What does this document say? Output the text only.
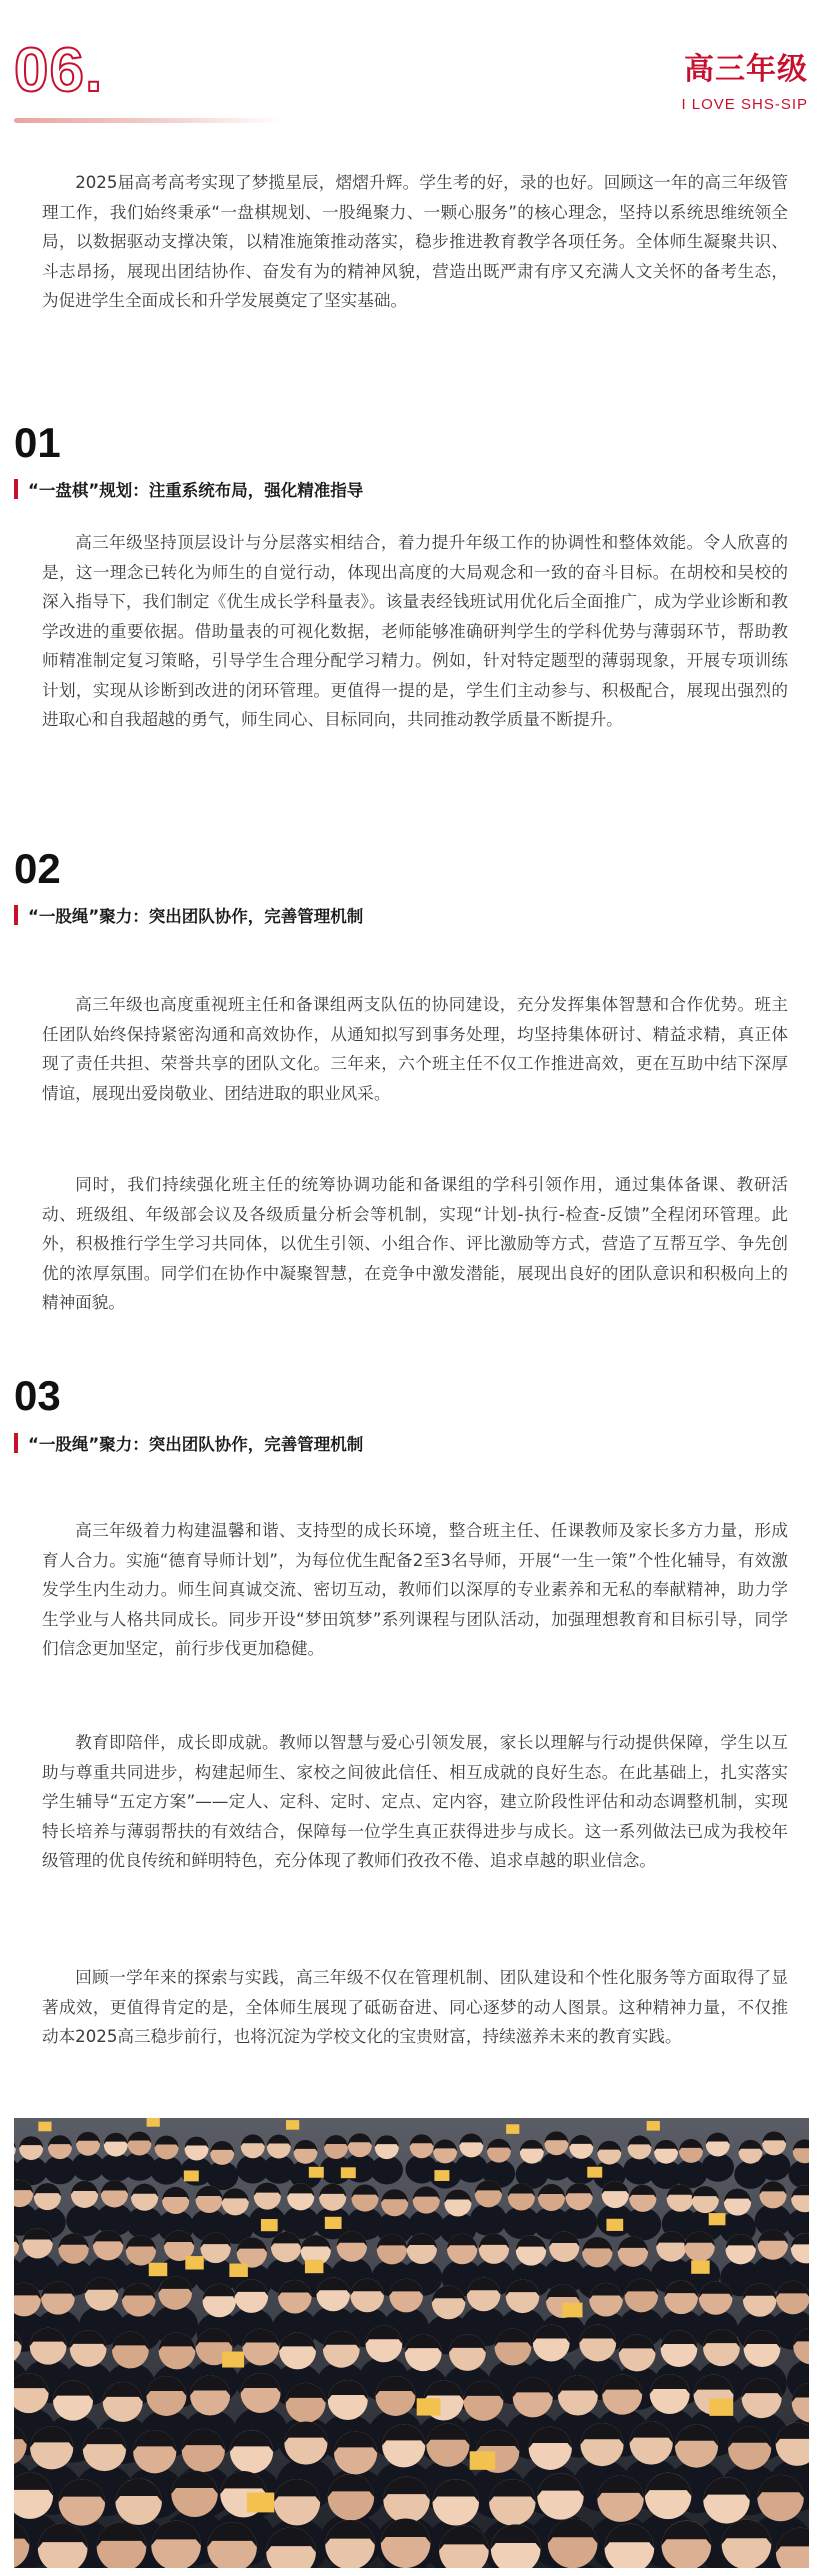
06.	高三年级
I LOVE SHS-SIP

2025届高考高考实现了梦揽星辰，熠熠升辉。学生考的好，录的也好。回顾这一年的高三年级管理工作，我们始终秉承“一盘棋规划、一股绳聚力、一颗心服务”的核心理念，坚持以系统思维统领全局，以数据驱动支撑决策，以精准施策推动落实，稳步推进教育教学各项任务。全体师生凝聚共识、斗志昂扬，展现出团结协作、奋发有为的精神风貌，营造出既严肃有序又充满人文关怀的备考生态，为促进学生全面成长和升学发展奠定了坚实基础。

01
“一盘棋”规划：注重系统布局，强化精准指导

高三年级坚持顶层设计与分层落实相结合，着力提升年级工作的协调性和整体效能。令人欣喜的是，这一理念已转化为师生的自觉行动，体现出高度的大局观念和一致的奋斗目标。在胡校和吴校的深入指导下，我们制定《优生成长学科量表》。该量表经钱班试用优化后全面推广，成为学业诊断和教学改进的重要依据。借助量表的可视化数据，老师能够准确研判学生的学科优势与薄弱环节，帮助教师精准制定复习策略，引导学生合理分配学习精力。例如，针对特定题型的薄弱现象，开展专项训练计划，实现从诊断到改进的闭环管理。更值得一提的是，学生们主动参与、积极配合，展现出强烈的进取心和自我超越的勇气，师生同心、目标同向，共同推动教学质量不断提升。

02
“一股绳”聚力：突出团队协作，完善管理机制

高三年级也高度重视班主任和备课组两支队伍的协同建设，充分发挥集体智慧和合作优势。班主任团队始终保持紧密沟通和高效协作，从通知拟写到事务处理，均坚持集体研讨、精益求精，真正体现了责任共担、荣誉共享的团队文化。三年来，六个班主任不仅工作推进高效，更在互助中结下深厚情谊，展现出爱岗敬业、团结进取的职业风采。

同时，我们持续强化班主任的统筹协调功能和备课组的学科引领作用，通过集体备课、教研活动、班级组、年级部会议及各级质量分析会等机制，实现“计划-执行-检查-反馈”全程闭环管理。此外，积极推行学生学习共同体，以优生引领、小组合作、评比激励等方式，营造了互帮互学、争先创优的浓厚氛围。同学们在协作中凝聚智慧，在竞争中激发潜能，展现出良好的团队意识和积极向上的精神面貌。

03
“一股绳”聚力：突出团队协作，完善管理机制

高三年级着力构建温馨和谐、支持型的成长环境，整合班主任、任课教师及家长多方力量，形成育人合力。实施“德育导师计划”，为每位优生配备2至3名导师，开展“一生一策”个性化辅导，有效激发学生内生动力。师生间真诚交流、密切互动，教师们以深厚的专业素养和无私的奉献精神，助力学生学业与人格共同成长。同步开设“梦田筑梦”系列课程与团队活动，加强理想教育和目标引导，同学们信念更加坚定，前行步伐更加稳健。

教育即陪伴，成长即成就。教师以智慧与爱心引领发展，家长以理解与行动提供保障，学生以互助与尊重共同进步，构建起师生、家校之间彼此信任、相互成就的良好生态。在此基础上，扎实落实学生辅导“五定方案”——定人、定科、定时、定点、定内容，建立阶段性评估和动态调整机制，实现特长培养与薄弱帮扶的有效结合，保障每一位学生真正获得进步与成长。这一系列做法已成为我校年级管理的优良传统和鲜明特色，充分体现了教师们孜孜不倦、追求卓越的职业信念。

回顾一学年来的探索与实践，高三年级不仅在管理机制、团队建设和个性化服务等方面取得了显著成效，更值得肯定的是，全体师生展现了砥砺奋进、同心逐梦的动人图景。这种精神力量，不仅推动本2025高三稳步前行，也将沉淀为学校文化的宝贵财富，持续滋养未来的教育实践。
